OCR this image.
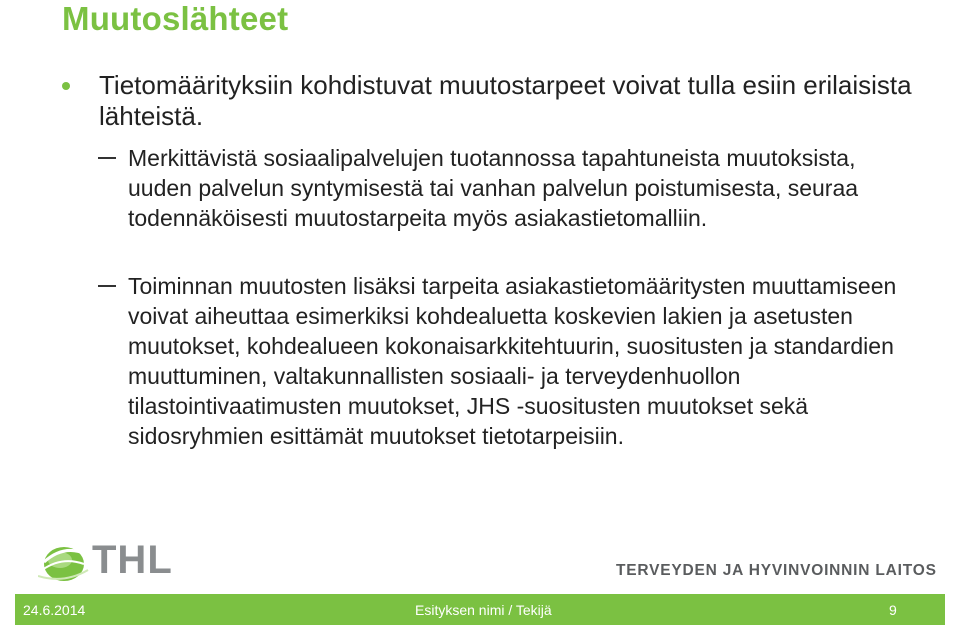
Muutoslähteet
Tietomäärityksiin kohdistuvat muutostarpeet voivat tulla esiin erilaisista lähteistä.
Merkittävistä sosiaalipalvelujen tuotannossa tapahtuneista muutoksista, uuden palvelun syntymisestä tai vanhan palvelun poistumisesta, seuraa todennäköisesti muutostarpeita myös asiakastietomalliin.
Toiminnan muutosten lisäksi tarpeita asiakastietomääritysten muuttamiseen voivat aiheuttaa esimerkiksi kohdealuetta koskevien lakien ja asetusten muutokset, kohdealueen kokonaisarkkitehtuurin, suositusten ja standardien muuttuminen, valtakunnallisten sosiaali- ja terveydenhuollon tilastointivaatimusten muutokset, JHS -suositusten muutokset sekä sidosryhmien esittämät muutokset tietotarpeisiin.
THL	TERVEYDEN JA HYVINVOINNIN LAITOS
24.6.2014	Esityksen nimi / Tekijä	9
